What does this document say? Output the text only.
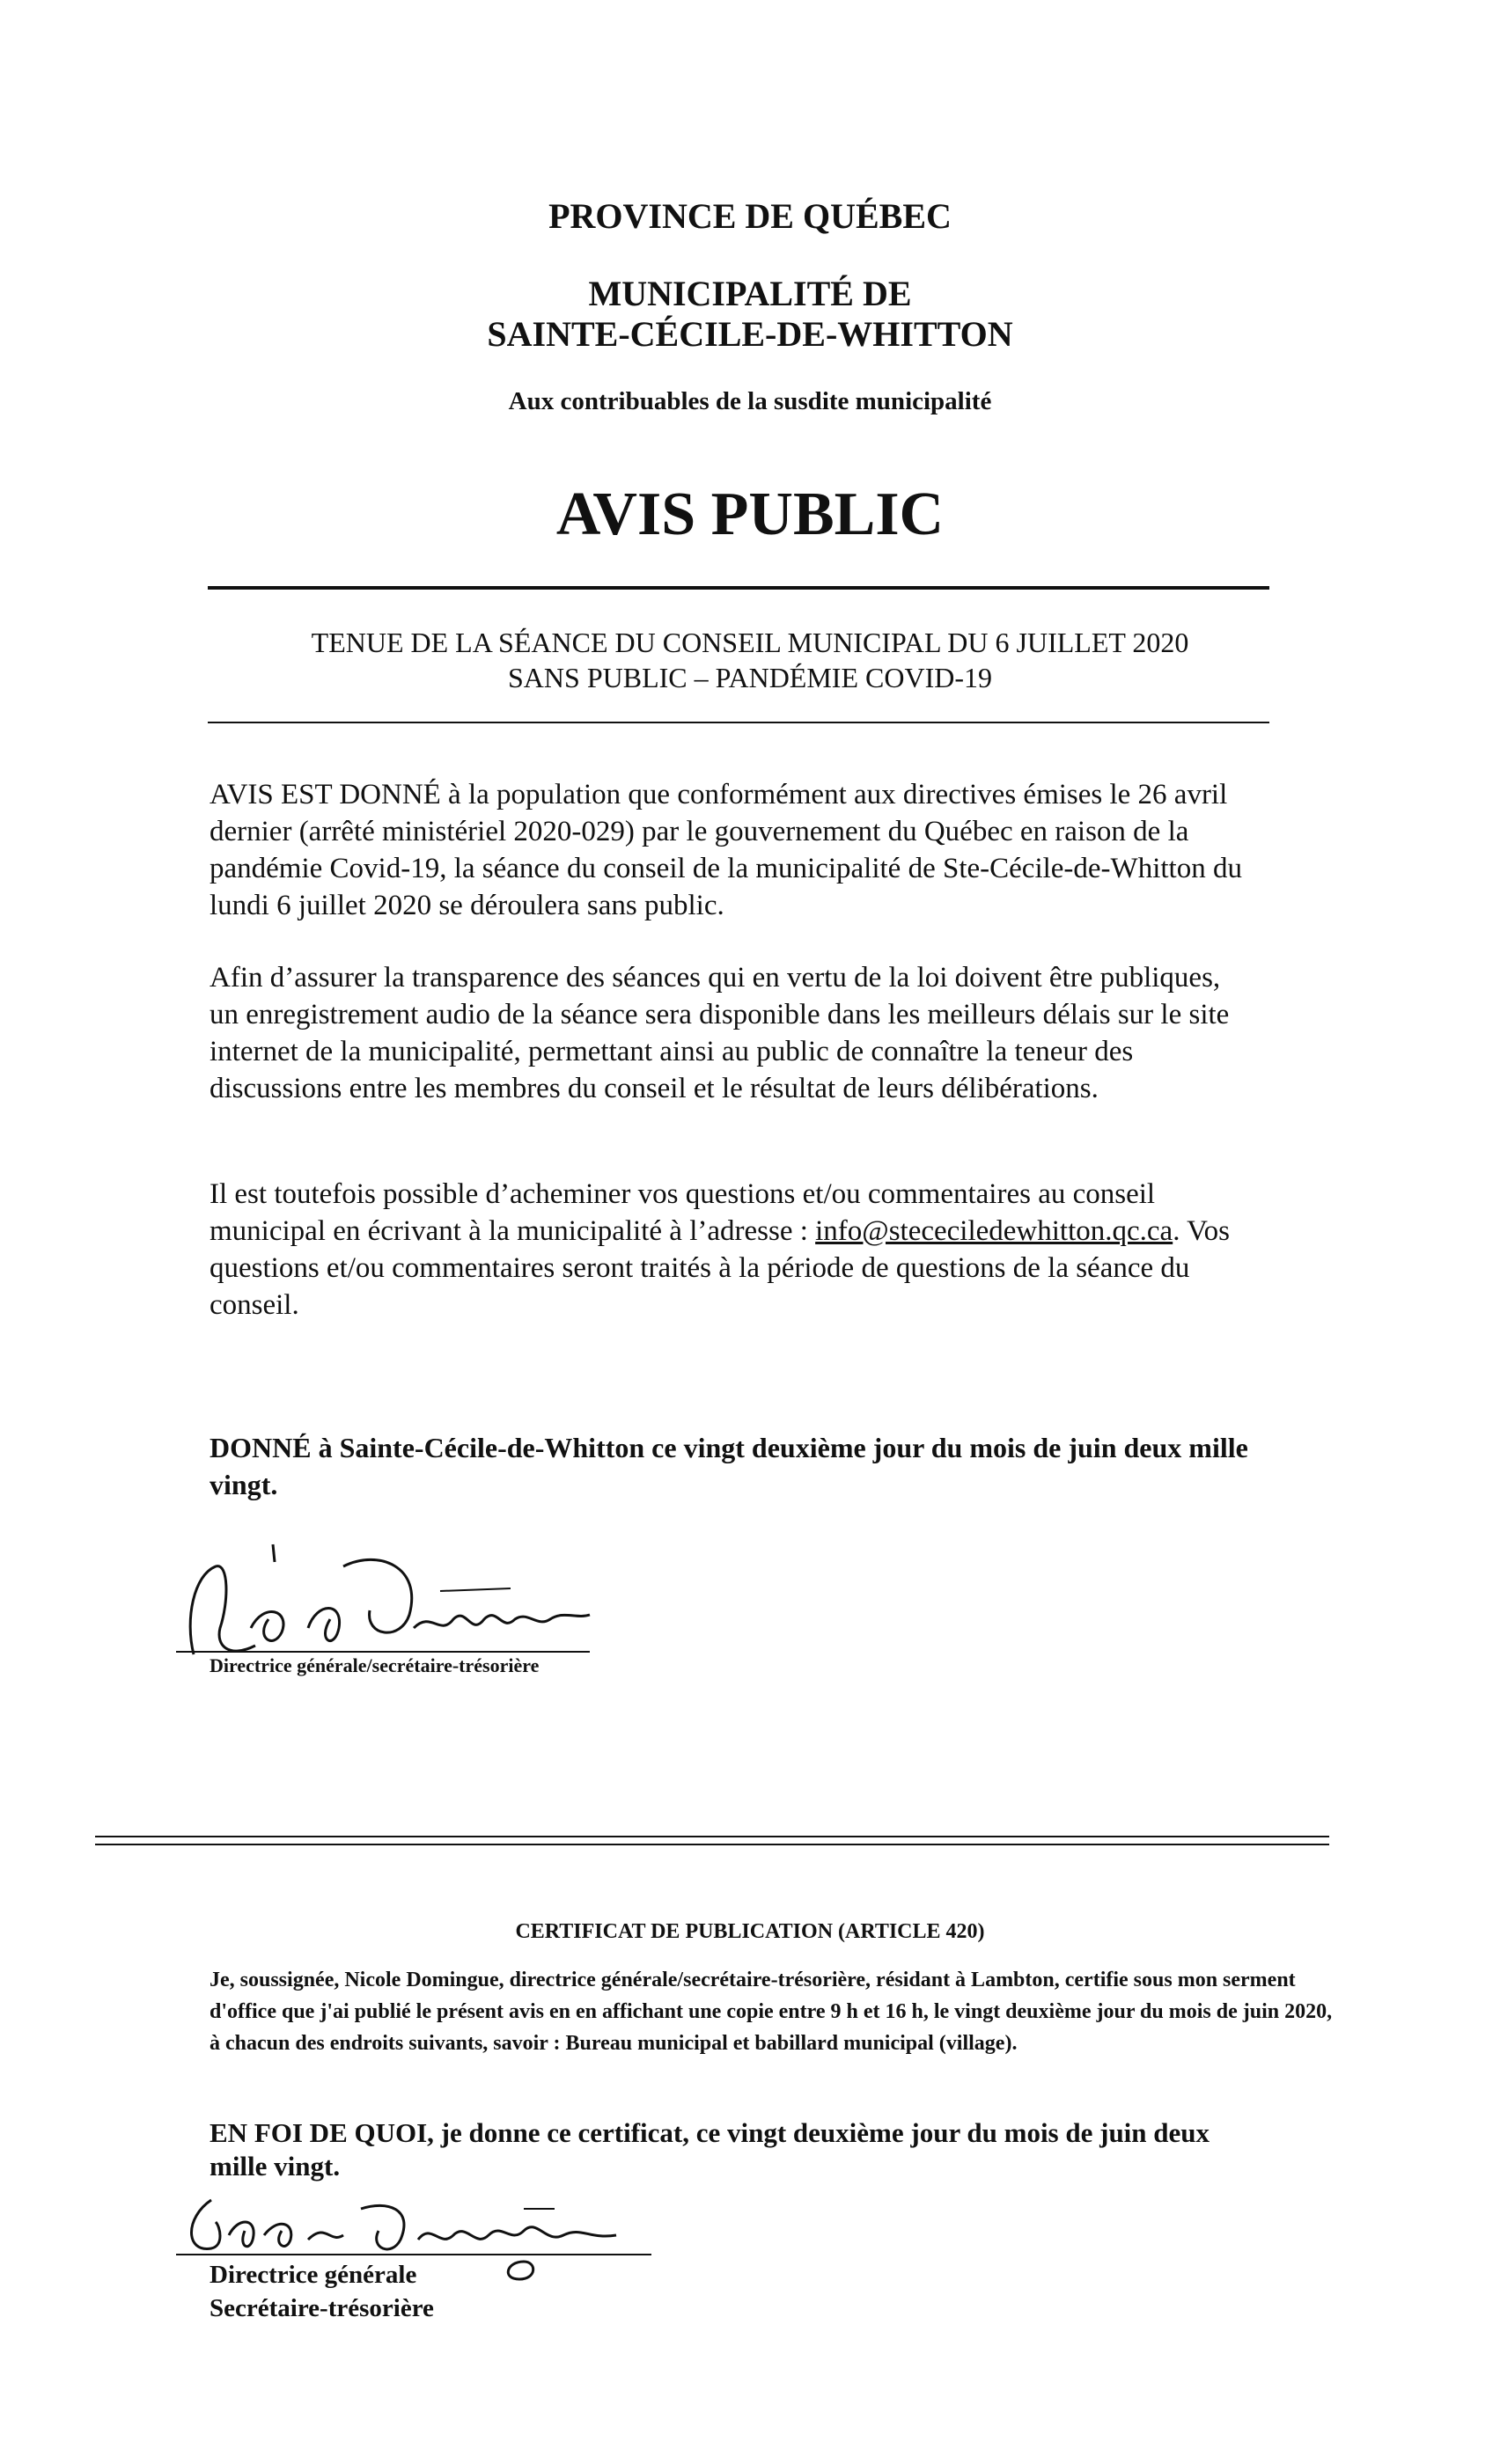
PROVINCE DE QUÉBEC
MUNICIPALITÉ DE
SAINTE-CÉCILE-DE-WHITTON
Aux contribuables de la susdite municipalité
AVIS PUBLIC
TENUE DE LA SÉANCE DU CONSEIL MUNICIPAL DU 6 JUILLET 2020
SANS PUBLIC – PANDÉMIE COVID-19

AVIS EST DONNÉ à la population que conformément aux directives émises le 26 avril dernier (arrêté ministériel 2020-029) par le gouvernement du Québec en raison de la pandémie Covid-19, la séance du conseil de la municipalité de Ste-Cécile-de-Whitton du lundi 6 juillet 2020 se déroulera sans public.

Afin d’assurer la transparence des séances qui en vertu de la loi doivent être publiques, un enregistrement audio de la séance sera disponible dans les meilleurs délais sur le site internet de la municipalité, permettant ainsi au public de connaître la teneur des discussions entre les membres du conseil et le résultat de leurs délibérations.

Il est toutefois possible d’acheminer vos questions et/ou commentaires au conseil municipal en écrivant à la municipalité à l’adresse : info@stececiledewhitton.qc.ca. Vos questions et/ou commentaires seront traités à la période de questions de la séance du conseil.

DONNÉ à Sainte-Cécile-de-Whitton ce vingt deuxième jour du mois de juin deux mille vingt.
Directrice générale/secrétaire-trésorière
CERTIFICAT DE PUBLICATION (ARTICLE 420)
Je, soussignée, Nicole Domingue, directrice générale/secrétaire-trésorière, résidant à Lambton, certifie sous mon serment d'office que j'ai publié le présent avis en en affichant une copie entre 9 h et 16 h, le vingt deuxième jour du mois de juin 2020, à chacun des endroits suivants, savoir : Bureau municipal et babillard municipal (village).
EN FOI DE QUOI, je donne ce certificat, ce vingt deuxième jour du mois de juin deux mille vingt.
Directrice générale
Secrétaire-trésorière
